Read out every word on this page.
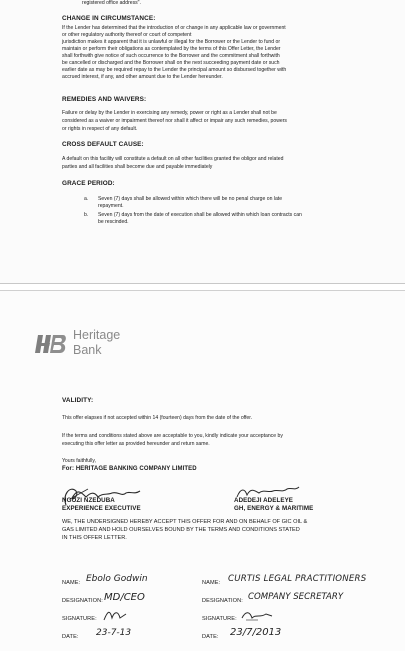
registered office address".

CHANGE IN CIRCUMSTANCE:

If the Lender has determined that the introduction of or change in any applicable law or government

or other regulatory authority thereof or court of competent

jurisdiction makes it apparent that it is unlawful or illegal for the Borrower or the Lender to fund or

maintain or perform their obligations as contemplated by the terms of this Offer Letter, the Lender

shall forthwith give notice of such occurrence to the Borrower and the commitment shall forthwith

be cancelled or discharged and the Borrower shall on the next succeeding payment date or such

earlier date as may be required repay to the Lender the principal amount so disbursed together with

accrued interest, if any, and other amount due to the Lender hereunder.

REMEDIES AND WAIVERS:

Failure or delay by the Lender in exercising any remedy, power or right as a Lender shall not be

considered as a waiver or impairment thereof nor shall it affect or impair any such remedies, powers

or rights in respect of any default.

CROSS DEFAULT CAUSE:

A default on this facility will constitute a default on all other facilities granted the obligor and related

parties and all facilities shall become due and payable immediately

GRACE PERIOD:

a. Seven (7) days shall be allowed within which there will be no penal charge on late
repayment.
b. Seven (7) days from the date of execution shall be allowed within which loan contracts can
be rescinded.

Heritage

Bank

VALIDITY:

This offer elapses if not accepted within 14 (fourteen) days from the date of the offer.

If the terms and conditions stated above are acceptable to you, kindly indicate your acceptance by

executing this offer letter as provided hereunder and return same.

Yours faithfully,

For: HERITAGE BANKING COMPANY LIMITED

NGOZI NZEDUBA

EXPERIENCE EXECUTIVE

ADEDEJI ADELEYE

GH, ENERGY & MARITIME

WE, THE UNDERSIGNED HEREBY ACCEPT THIS OFFER FOR AND ON BEHALF OF GIC OIL &

GAS LIMITED AND HOLD OURSELVES BOUND BY THE TERMS AND CONDITIONS STATED

IN THIS OFFER LETTER.

NAME: Ebolo Godwin

DESIGNATION: MD/CEO

SIGNATURE:

DATE: 23-7-13

NAME: CURTIS LEGAL PRACTITIONERS

DESIGNATION: COMPANY SECRETARY

SIGNATURE:

DATE: 23/7/2013
